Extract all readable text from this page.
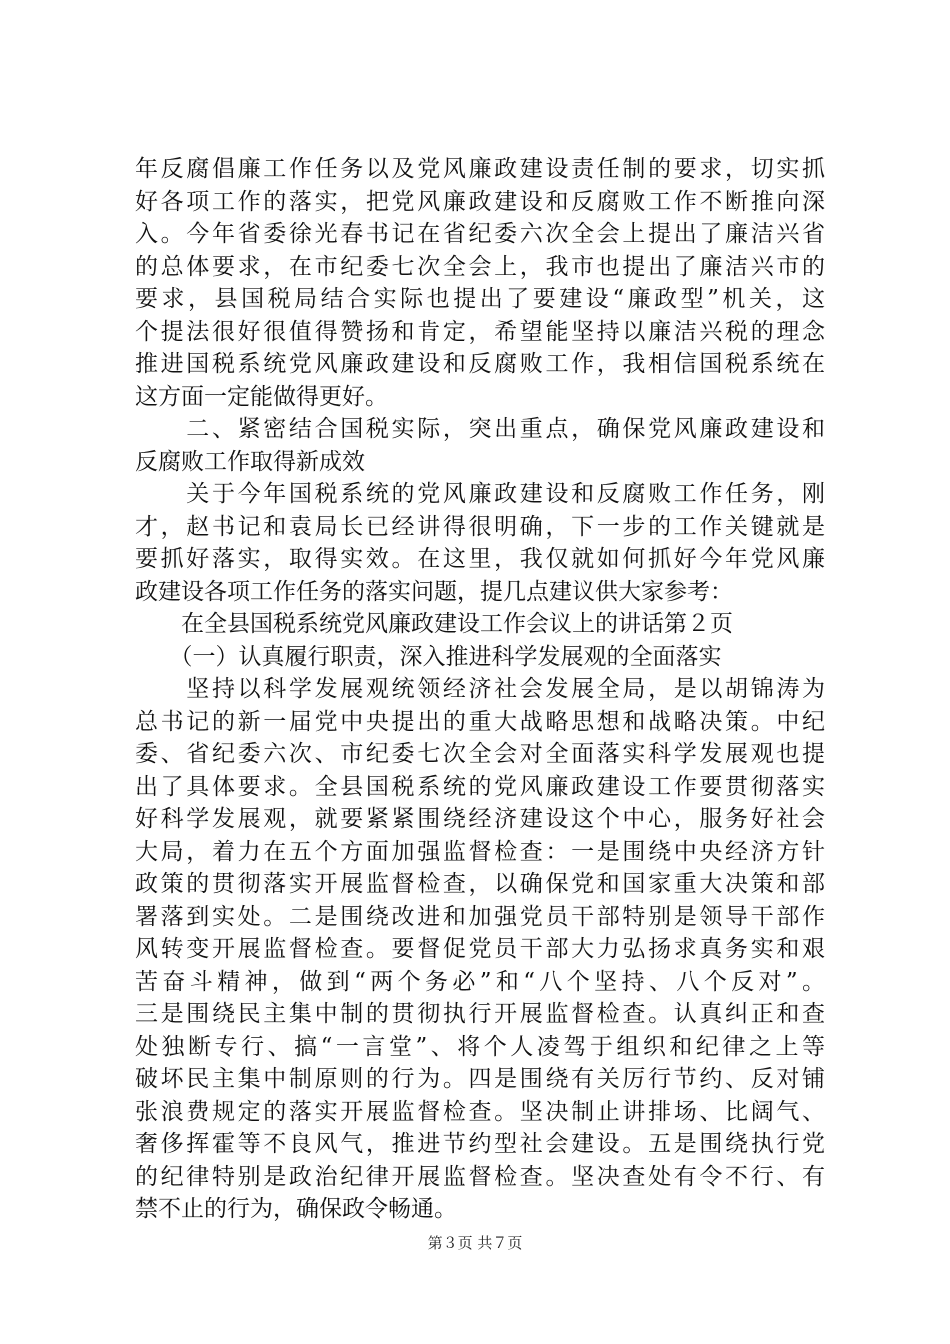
年反腐倡廉工作任务以及党风廉政建设责任制的要求，切实抓
好各项工作的落实，把党风廉政建设和反腐败工作不断推向深
入。今年省委徐光春书记在省纪委六次全会上提出了廉洁兴省
的总体要求，在市纪委七次全会上，我市也提出了廉洁兴市的
要求，县国税局结合实际也提出了要建设“廉政型”机关，这
个提法很好很值得赞扬和肯定，希望能坚持以廉洁兴税的理念
推进国税系统党风廉政建设和反腐败工作，我相信国税系统在
这方面一定能做得更好。
　　二、紧密结合国税实际，突出重点，确保党风廉政建设和
反腐败工作取得新成效
　　关于今年国税系统的党风廉政建设和反腐败工作任务，刚
才，赵书记和袁局长已经讲得很明确，下一步的工作关键就是
要抓好落实，取得实效。在这里，我仅就如何抓好今年党风廉
政建设各项工作任务的落实问题，提几点建议供大家参考：
　　在全县国税系统党风廉政建设工作会议上的讲话第２页
　　（一）认真履行职责，深入推进科学发展观的全面落实
　　坚持以科学发展观统领经济社会发展全局，是以胡锦涛为
总书记的新一届党中央提出的重大战略思想和战略决策。中纪
委、省纪委六次、市纪委七次全会对全面落实科学发展观也提
出了具体要求。全县国税系统的党风廉政建设工作要贯彻落实
好科学发展观，就要紧紧围绕经济建设这个中心，服务好社会
大局，着力在五个方面加强监督检查：一是围绕中央经济方针
政策的贯彻落实开展监督检查，以确保党和国家重大决策和部
署落到实处。二是围绕改进和加强党员干部特别是领导干部作
风转变开展监督检查。要督促党员干部大力弘扬求真务实和艰
苦奋斗精神，做到“两个务必”和“八个坚持、八个反对”。
三是围绕民主集中制的贯彻执行开展监督检查。认真纠正和查
处独断专行、搞“一言堂”、将个人凌驾于组织和纪律之上等
破坏民主集中制原则的行为。四是围绕有关厉行节约、反对铺
张浪费规定的落实开展监督检查。坚决制止讲排场、比阔气、
奢侈挥霍等不良风气，推进节约型社会建设。五是围绕执行党
的纪律特别是政治纪律开展监督检查。坚决查处有令不行、有
禁不止的行为，确保政令畅通。
第３页 共７页
